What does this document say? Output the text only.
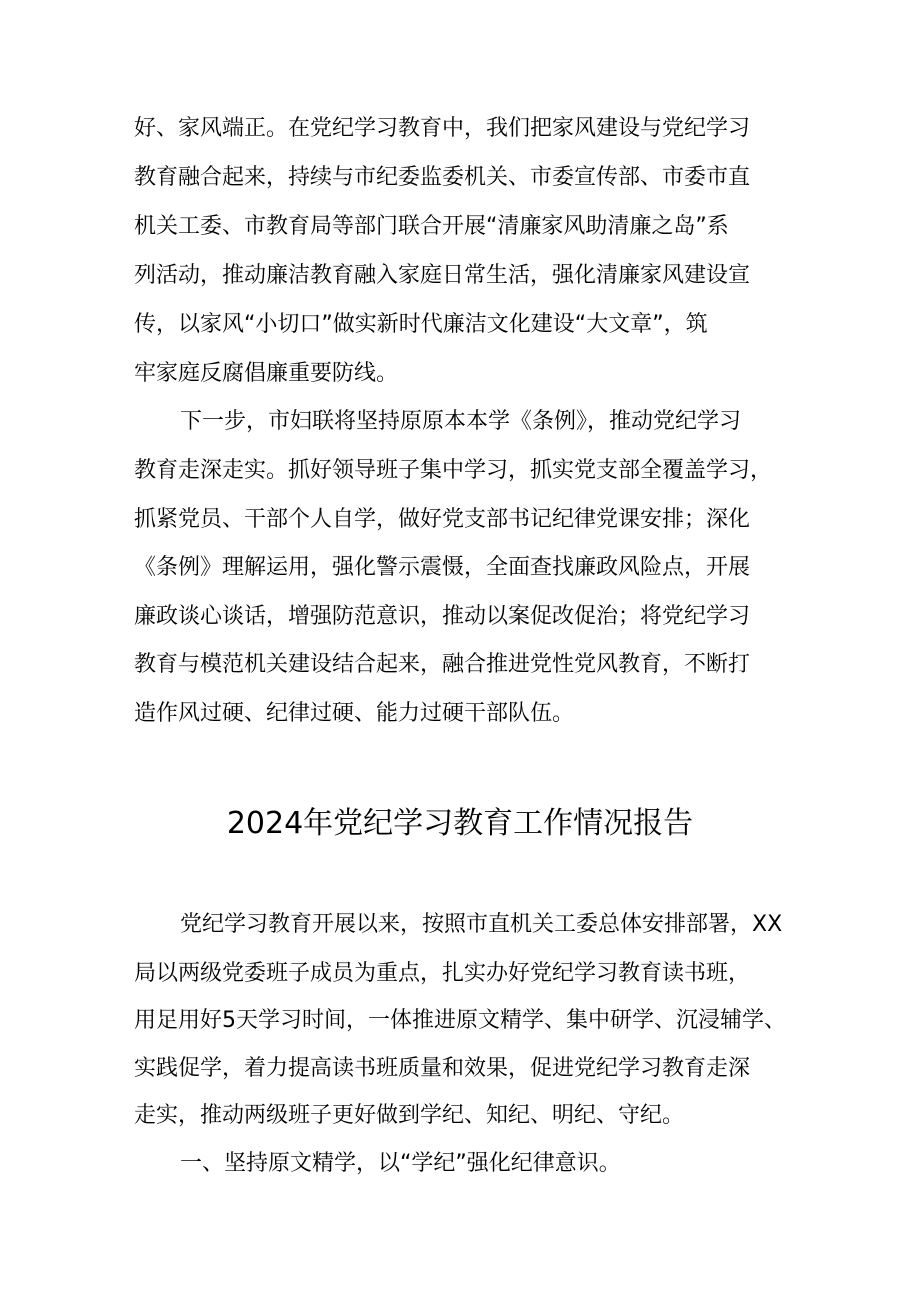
好、家风端正。在党纪学习教育中，我们把家风建设与党纪学习
教育融合起来，持续与市纪委监委机关、市委宣传部、市委市直
机关工委、市教育局等部门联合开展“清廉家风助清廉之岛”系
列活动，推动廉洁教育融入家庭日常生活，强化清廉家风建设宣
传，以家风“小切口”做实新时代廉洁文化建设“大文章”，筑
牢家庭反腐倡廉重要防线。
下一步，市妇联将坚持原原本本学《条例》，推动党纪学习
教育走深走实。抓好领导班子集中学习，抓实党支部全覆盖学习，
抓紧党员、干部个人自学，做好党支部书记纪律党课安排；深化
《条例》理解运用，强化警示震慑，全面查找廉政风险点，开展
廉政谈心谈话，增强防范意识，推动以案促改促治；将党纪学习
教育与模范机关建设结合起来，融合推进党性党风教育，不断打
造作风过硬、纪律过硬、能力过硬干部队伍。
2024年党纪学习教育工作情况报告
党纪学习教育开展以来，按照市直机关工委总体安排部署，XX
局以两级党委班子成员为重点，扎实办好党纪学习教育读书班，
用足用好5天学习时间，一体推进原文精学、集中研学、沉浸辅学、
实践促学，着力提高读书班质量和效果，促进党纪学习教育走深
走实，推动两级班子更好做到学纪、知纪、明纪、守纪。
一、坚持原文精学，以“学纪”强化纪律意识。
